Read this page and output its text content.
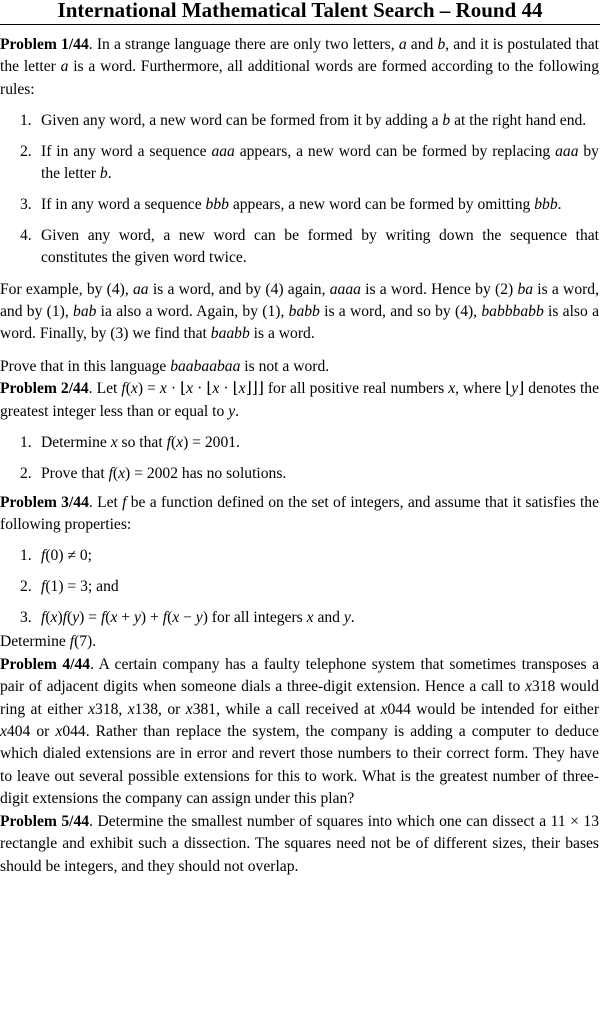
International Mathematical Talent Search – Round 44

Problem 1/44. In a strange language there are only two letters, a and b, and it is postulated that the letter a is a word. Furthermore, all additional words are formed according to the following rules:

1. Given any word, a new word can be formed from it by adding a b at the right hand end.
2. If in any word a sequence aaa appears, a new word can be formed by replacing aaa by the letter b.
3. If in any word a sequence bbb appears, a new word can be formed by omitting bbb.
4. Given any word, a new word can be formed by writing down the sequence that constitutes the given word twice.

For example, by (4), aa is a word, and by (4) again, aaaa is a word. Hence by (2) ba is a word, and by (1), bab ia also a word. Again, by (1), babb is a word, and so by (4), babbbabb is also a word. Finally, by (3) we find that baabb is a word.

Prove that in this language baabaabaa is not a word.

Problem 2/44. Let f(x) = x · ⌊x · ⌊x · ⌊x⌋⌋⌋ for all positive real numbers x, where ⌊y⌋ denotes the greatest integer less than or equal to y.

1. Determine x so that f(x) = 2001.
2. Prove that f(x) = 2002 has no solutions.

Problem 3/44. Let f be a function defined on the set of integers, and assume that it satisfies the following properties:

1. f(0) ≠ 0;
2. f(1) = 3; and
3. f(x)f(y) = f(x + y) + f(x − y) for all integers x and y.

Determine f(7).

Problem 4/44. A certain company has a faulty telephone system that sometimes transposes a pair of adjacent digits when someone dials a three-digit extension. Hence a call to x318 would ring at either x318, x138, or x381, while a call received at x044 would be intended for either x404 or x044. Rather than replace the system, the company is adding a computer to deduce which dialed extensions are in error and revert those numbers to their correct form. They have to leave out several possible extensions for this to work. What is the greatest number of three-digit extensions the company can assign under this plan?

Problem 5/44. Determine the smallest number of squares into which one can dissect a 11 × 13 rectangle and exhibit such a dissection. The squares need not be of different sizes, their bases should be integers, and they should not overlap.
